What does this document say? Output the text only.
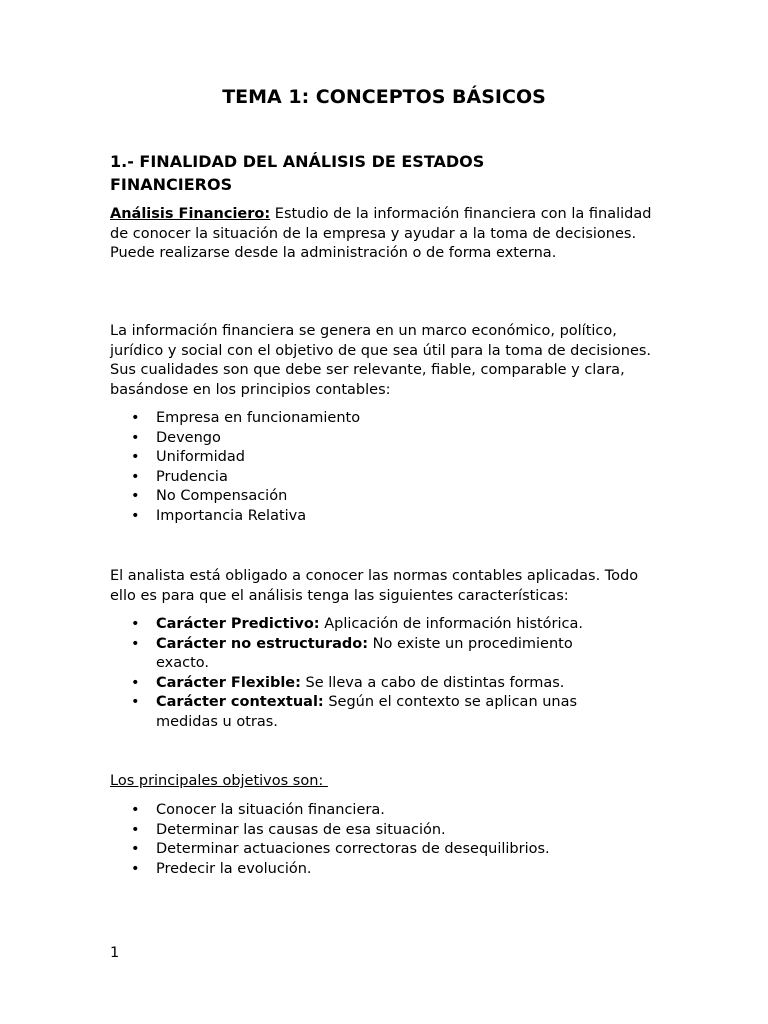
TEMA 1: CONCEPTOS BÁSICOS
1.- FINALIDAD DEL ANÁLISIS DE ESTADOS FINANCIEROS

Análisis Financiero: Estudio de la información financiera con la finalidad de conocer la situación de la empresa y ayudar a la toma de decisiones. Puede realizarse desde la administración o de forma externa.

La información financiera se genera en un marco económico, político, jurídico y social con el objetivo de que sea útil para la toma de decisiones. Sus cualidades son que debe ser relevante, fiable, comparable y clara, basándose en los principios contables:

• Empresa en funcionamiento
• Devengo
• Uniformidad
• Prudencia
• No Compensación
• Importancia Relativa

El analista está obligado a conocer las normas contables aplicadas. Todo ello es para que el análisis tenga las siguientes características:

• Carácter Predictivo: Aplicación de información histórica.
• Carácter no estructurado: No existe un procedimiento exacto.
• Carácter Flexible: Se lleva a cabo de distintas formas.
• Carácter contextual: Según el contexto se aplican unas medidas u otras.

Los principales objetivos son:

• Conocer la situación financiera.
• Determinar las causas de esa situación.
• Determinar actuaciones correctoras de desequilibrios.
• Predecir la evolución.

1
